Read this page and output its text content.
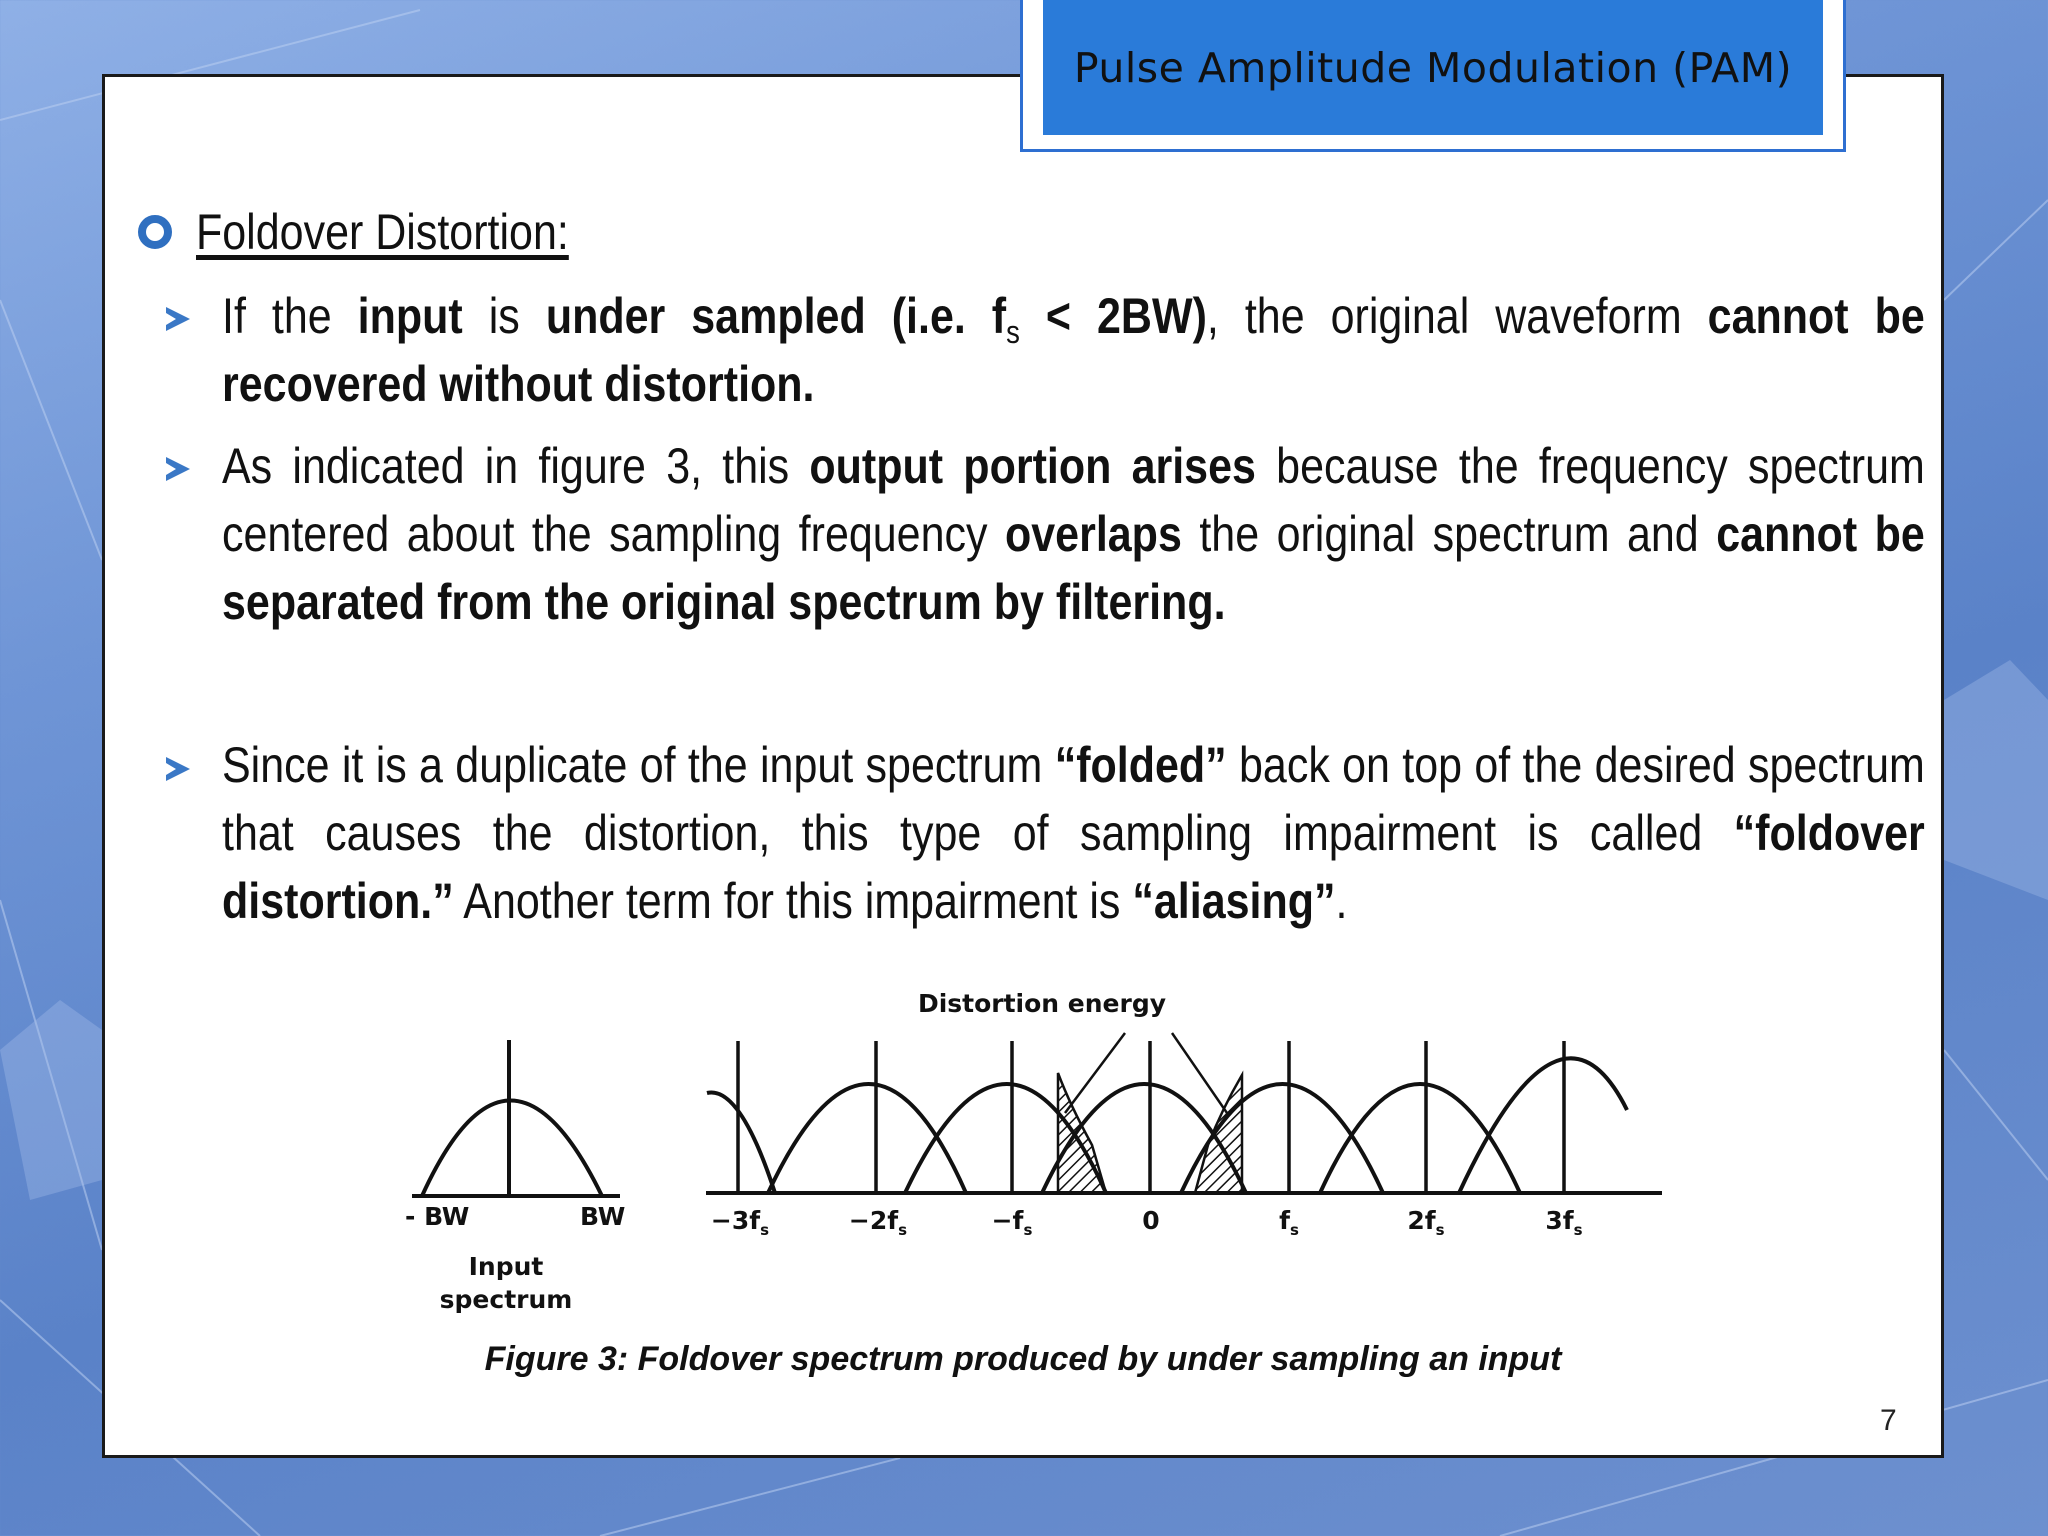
Pulse Amplitude Modulation (PAM)
Foldover Distortion:
If the input is under sampled (i.e. $f_s < 2BW$), the original waveform cannot be recovered without distortion.
As indicated in figure 3, this output portion arises because the frequency spectrum centered about the sampling frequency overlaps the original spectrum and cannot be separated from the original spectrum by filtering.
Since it is a duplicate of the input spectrum “folded” back on top of the desired spectrum that causes the distortion, this type of sampling impairment is called “foldover distortion.” Another term for this impairment is “aliasing”.
Distortion energy
- BW	BW
Input
spectrum
$-3f_s$	$-2f_s$	$-f_s$	0	$f_s$	$2f_s$	$3f_s$
Figure 3: Foldover spectrum produced by under sampling an input
7
